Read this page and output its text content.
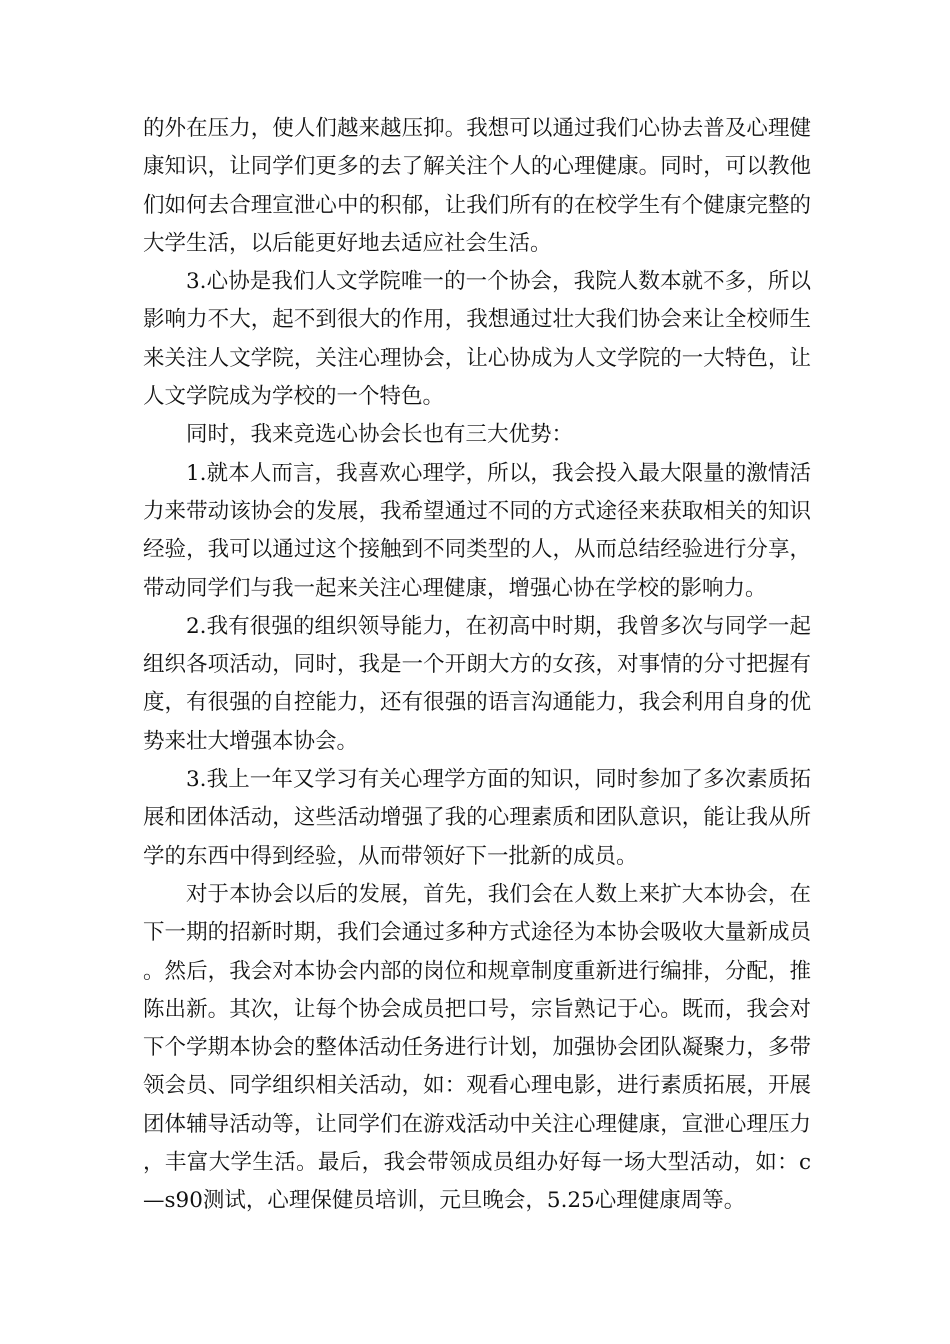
的外在压力，使人们越来越压抑。我想可以通过我们心协去普及心理健康知识，让同学们更多的去了解关注个人的心理健康。同时，可以教他们如何去合理宣泄心中的积郁，让我们所有的在校学生有个健康完整的大学生活，以后能更好地去适应社会生活。

3.心协是我们人文学院唯一的一个协会，我院人数本就不多，所以影响力不大，起不到很大的作用，我想通过壮大我们协会来让全校师生来关注人文学院，关注心理协会，让心协成为人文学院的一大特色，让人文学院成为学校的一个特色。

同时，我来竞选心协会长也有三大优势：

1.就本人而言，我喜欢心理学，所以，我会投入最大限量的激情活力来带动该协会的发展，我希望通过不同的方式途径来获取相关的知识经验，我可以通过这个接触到不同类型的人，从而总结经验进行分享，带动同学们与我一起来关注心理健康，增强心协在学校的影响力。

2.我有很强的组织领导能力，在初高中时期，我曾多次与同学一起组织各项活动，同时，我是一个开朗大方的女孩，对事情的分寸把握有度，有很强的自控能力，还有很强的语言沟通能力，我会利用自身的优势来壮大增强本协会。

3.我上一年又学习有关心理学方面的知识，同时参加了多次素质拓展和团体活动，这些活动增强了我的心理素质和团队意识，能让我从所学的东西中得到经验，从而带领好下一批新的成员。

对于本协会以后的发展，首先，我们会在人数上来扩大本协会，在下一期的招新时期，我们会通过多种方式途径为本协会吸收大量新成员。然后，我会对本协会内部的岗位和规章制度重新进行编排，分配，推陈出新。其次，让每个协会成员把口号，宗旨熟记于心。既而，我会对下个学期本协会的整体活动任务进行计划，加强协会团队凝聚力，多带领会员、同学组织相关活动，如：观看心理电影，进行素质拓展，开展团体辅导活动等，让同学们在游戏活动中关注心理健康，宣泄心理压力，丰富大学生活。最后，我会带领成员组办好每一场大型活动，如：c—s90测试，心理保健员培训，元旦晚会，5.25心理健康周等。
